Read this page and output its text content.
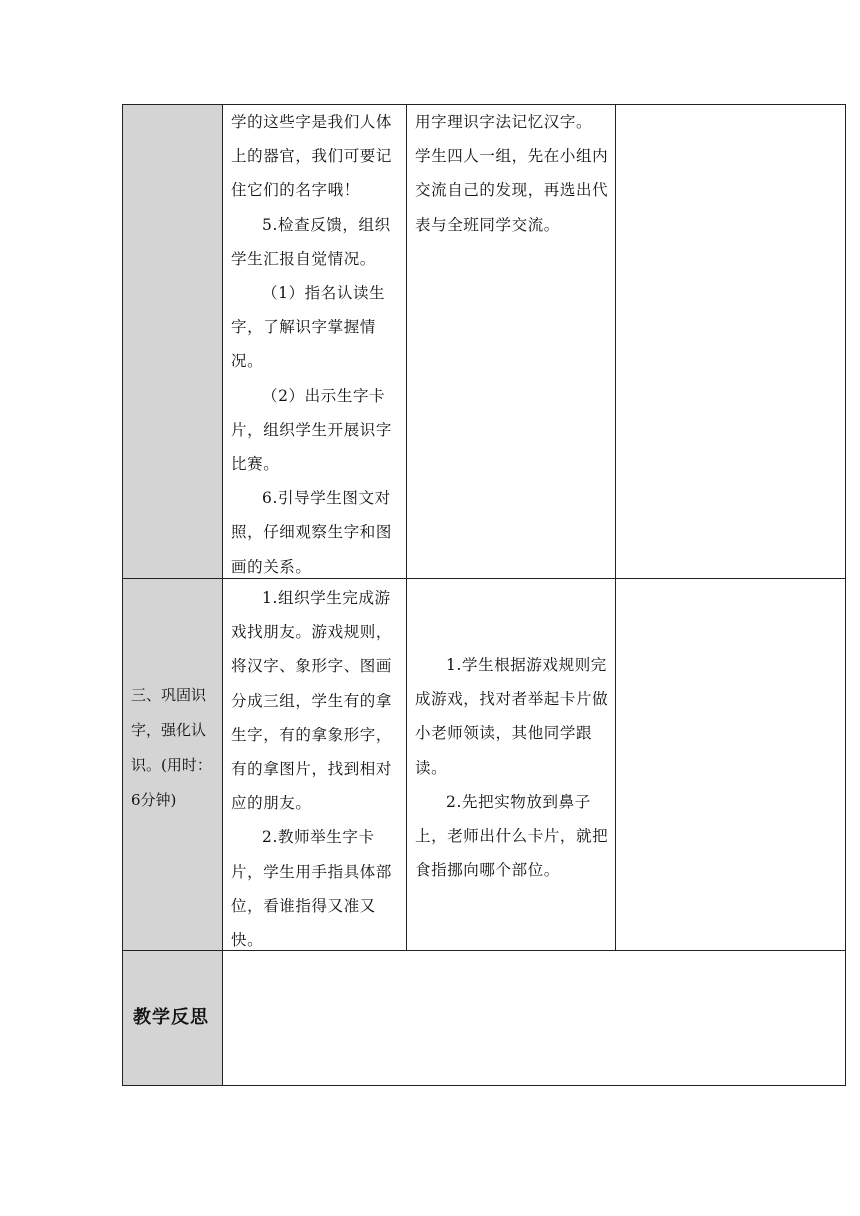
学的这些字是我们人体上的器官，我们可要记住它们的名字哦！

5.检查反馈，组织学生汇报自觉情况。

（1）指名认读生字，了解识字掌握情况。

（2）出示生字卡片，组织学生开展识字比赛。

6.引导学生图文对照，仔细观察生字和图画的关系。

用字理识字法记忆汉字。

学生四人一组，先在小组内交流自己的发现，再选出代表与全班同学交流。

三、巩固识字，强化认识。(用时：6分钟)

1.组织学生完成游戏找朋友。游戏规则，将汉字、象形字、图画分成三组，学生有的拿生字，有的拿象形字，有的拿图片，找到相对应的朋友。

2.教师举生字卡片，学生用手指具体部位，看谁指得又准又快。

1.学生根据游戏规则完成游戏，找对者举起卡片做小老师领读，其他同学跟读。

2.先把实物放到鼻子上，老师出什么卡片，就把食指挪向哪个部位。

教学反思
